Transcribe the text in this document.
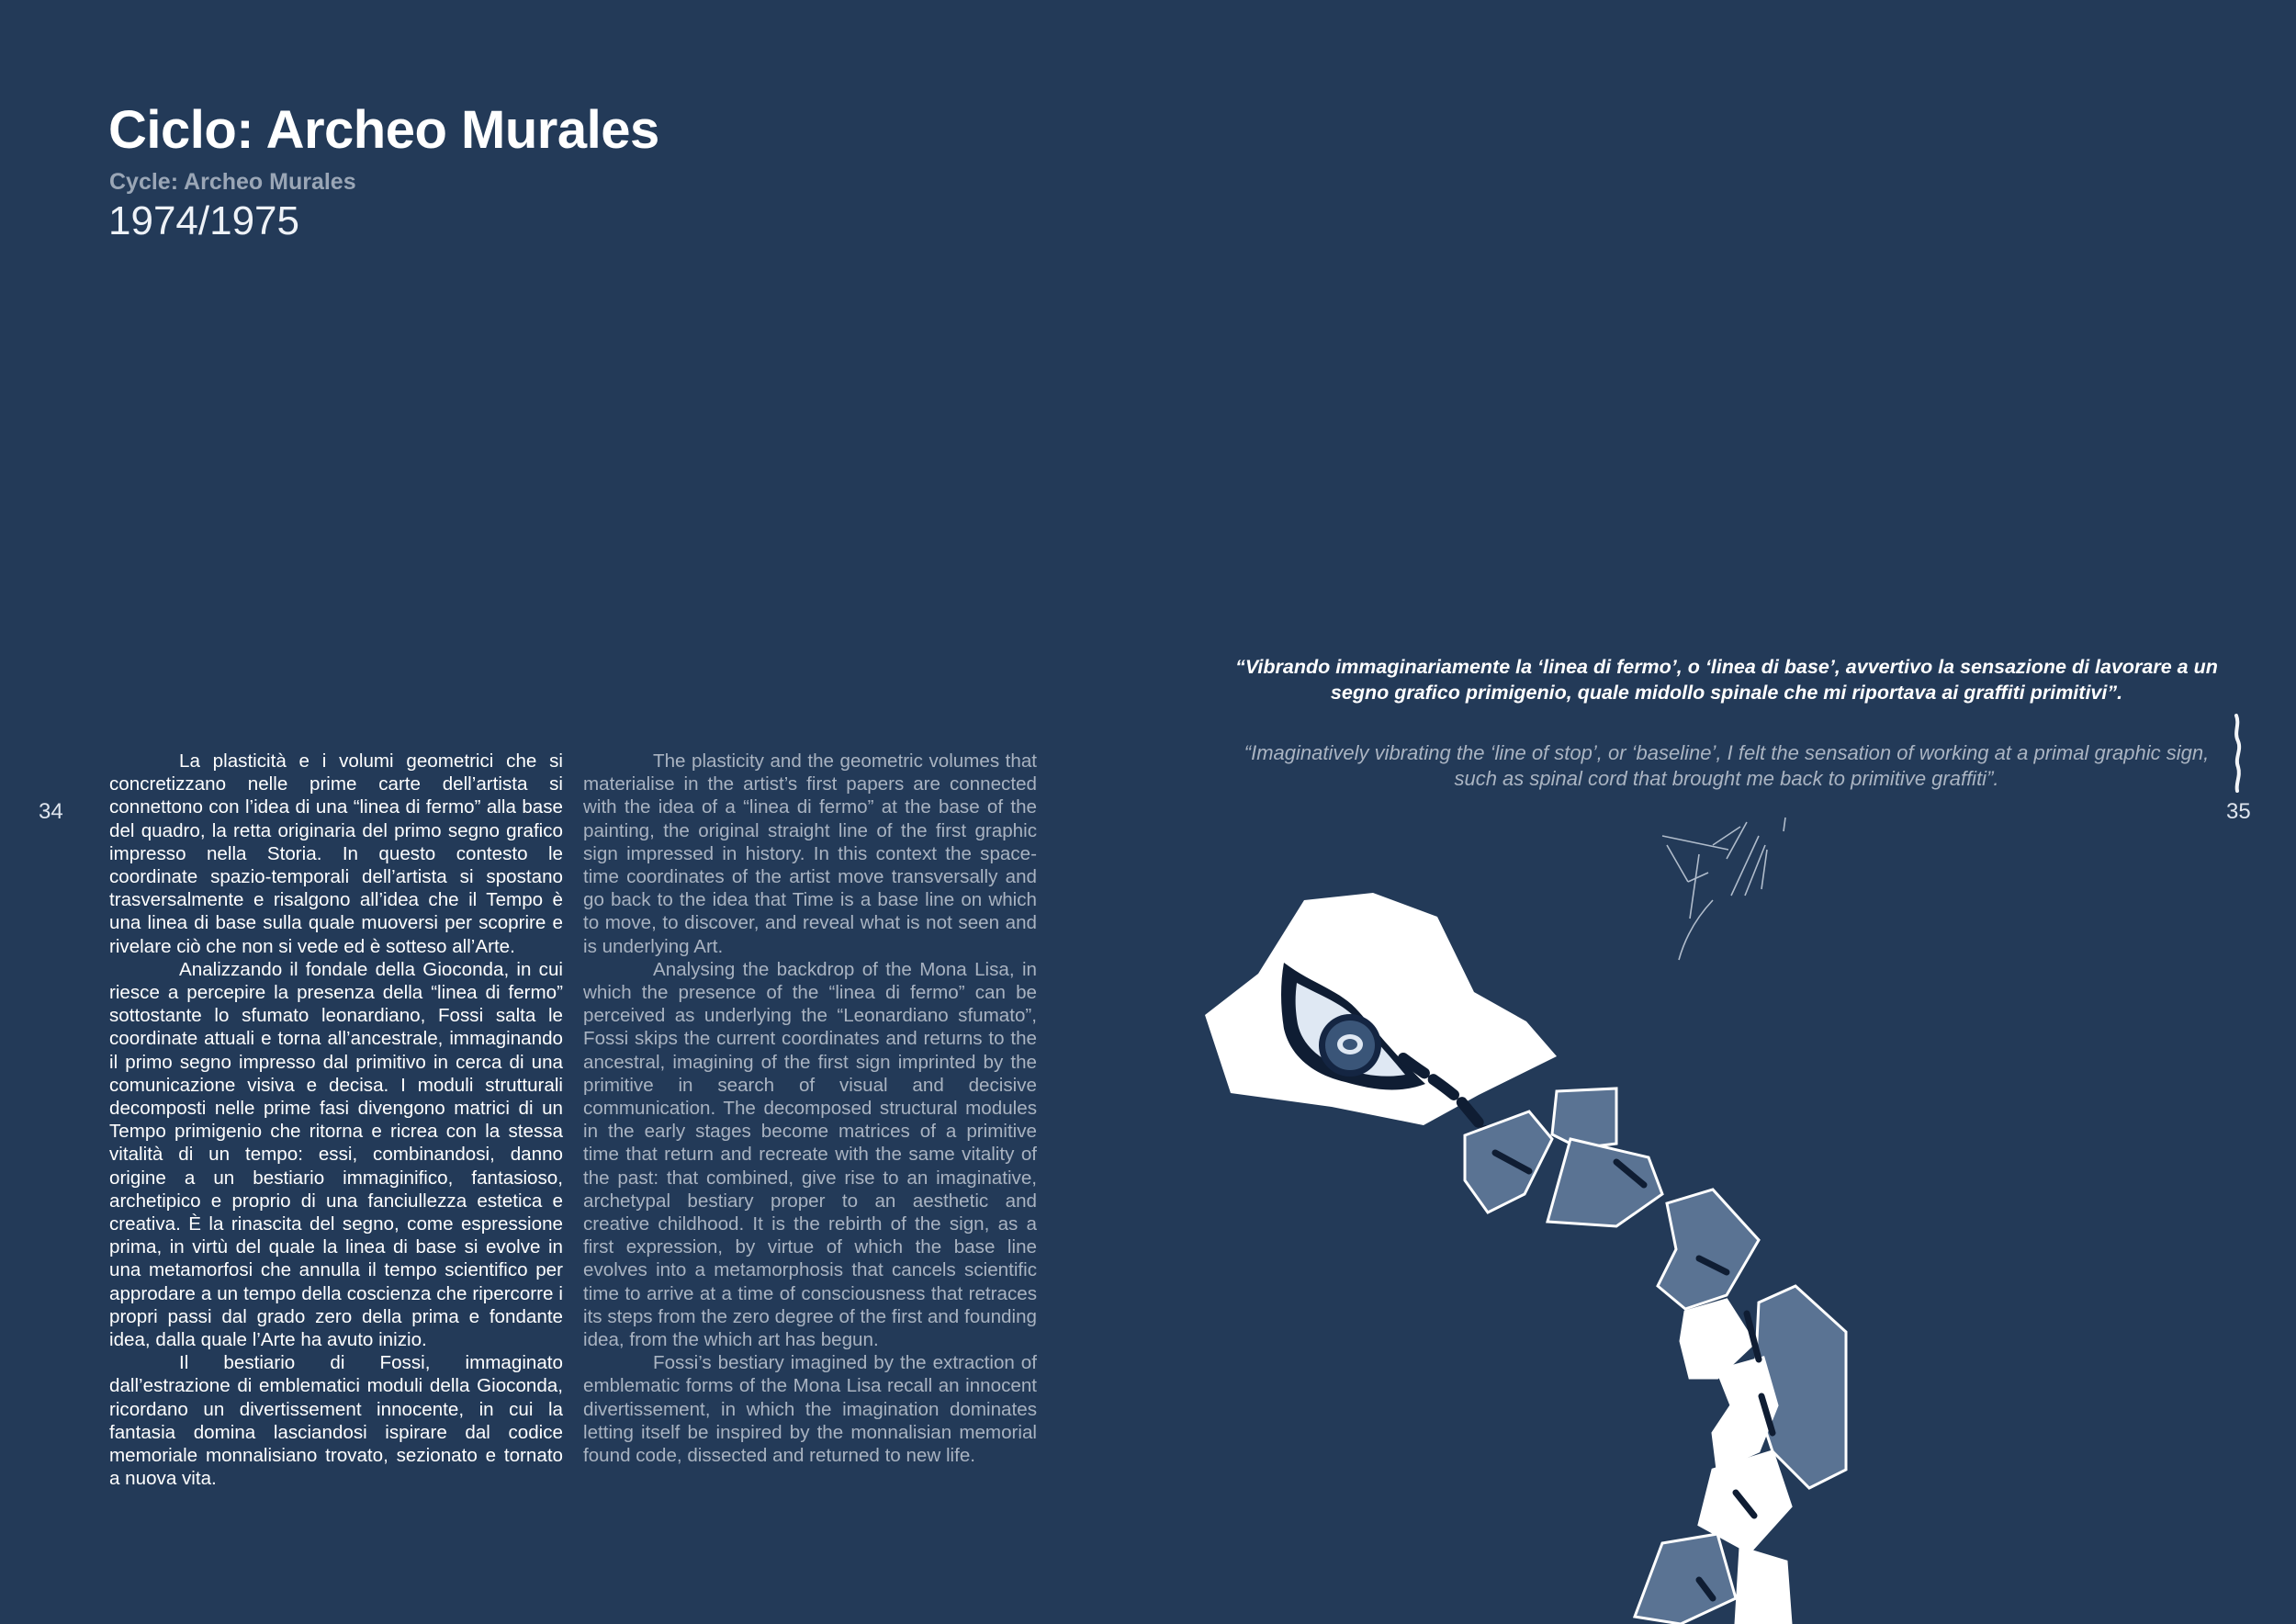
Ciclo: Archeo Murales
Cycle: Archeo Murales
1974/1975
34	35

La plasticità e i volumi geometrici che si concretizzano nelle prime carte dell’artista si connettono con l’idea di una “linea di fermo” alla base del quadro, la retta originaria del primo segno grafico impresso nella Storia. In questo contesto le coordinate spazio-temporali dell’artista si spostano trasversalmente e risalgono all’idea che il Tempo è una linea di base sulla quale muoversi per scoprire e rivelare ciò che non si vede ed è sotteso all’Arte.

Analizzando il fondale della Gioconda, in cui riesce a percepire la presenza della “linea di fermo” sottostante lo sfumato leonardiano, Fossi salta le coordinate attuali e torna all’ancestrale, immaginando il primo segno impresso dal primitivo in cerca di una comunicazione visiva e decisa. I moduli strutturali decomposti nelle prime fasi divengono matrici di un Tempo primigenio che ritorna e ricrea con la stessa vitalità di un tempo: essi, combinandosi, danno origine a un bestiario immaginifico, fantasioso, archetipico e proprio di una fanciullezza estetica e creativa. È la rinascita del segno, come espressione prima, in virtù del quale la linea di base si evolve in una metamorfosi che annulla il tempo scientifico per approdare a un tempo della coscienza che ripercorre i propri passi dal grado zero della prima e fondante idea, dalla quale l’Arte ha avuto inizio.

Il bestiario di Fossi, immaginato dall’estrazione di emblematici moduli della Gioconda, ricordano un divertissement innocente, in cui la fantasia domina lasciandosi ispirare dal codice memoriale monnalisiano trovato, sezionato e tornato a nuova vita.

The plasticity and the geometric volumes that materialise in the artist’s first papers are connected with the idea of a “linea di fermo” at the base of the painting, the original straight line of the first graphic sign impressed in history. In this context the space-time coordinates of the artist move transversally and go back to the idea that Time is a base line on which to move, to discover, and reveal what is not seen and is underlying Art.

Analysing the backdrop of the Mona Lisa, in which the presence of the “linea di fermo” can be perceived as underlying the “Leonardiano sfumato”, Fossi skips the current coordinates and returns to the ancestral, imagining of the first sign imprinted by the primitive in search of visual and decisive communication. The decomposed structural modules in the early stages become matrices of a primitive time that return and recreate with the same vitality of the past: that combined, give rise to an imaginative, archetypal bestiary proper to an aesthetic and creative childhood. It is the rebirth of the sign, as a first expression, by virtue of which the base line evolves into a metamorphosis that cancels scientific time to arrive at a time of consciousness that retraces its steps from the zero degree of the first and founding idea, from the which art has begun.

Fossi’s bestiary imagined by the extraction of emblematic forms of the Mona Lisa recall an innocent divertissement, in which the imagination dominates letting itself be inspired by the monnalisian memorial found code, dissected and returned to new life.

“Vibrando immaginariamente la ‘linea di fermo’, o ‘linea di base’, avvertivo la sensazione di lavorare a un segno grafico primigenio, quale midollo spinale che mi riportava ai graffiti primitivi”.
“Imaginatively vibrating the ‘line of stop’, or ‘baseline’, I felt the sensation of working at a primal graphic sign, such as spinal cord that brought me back to primitive graffiti”.
